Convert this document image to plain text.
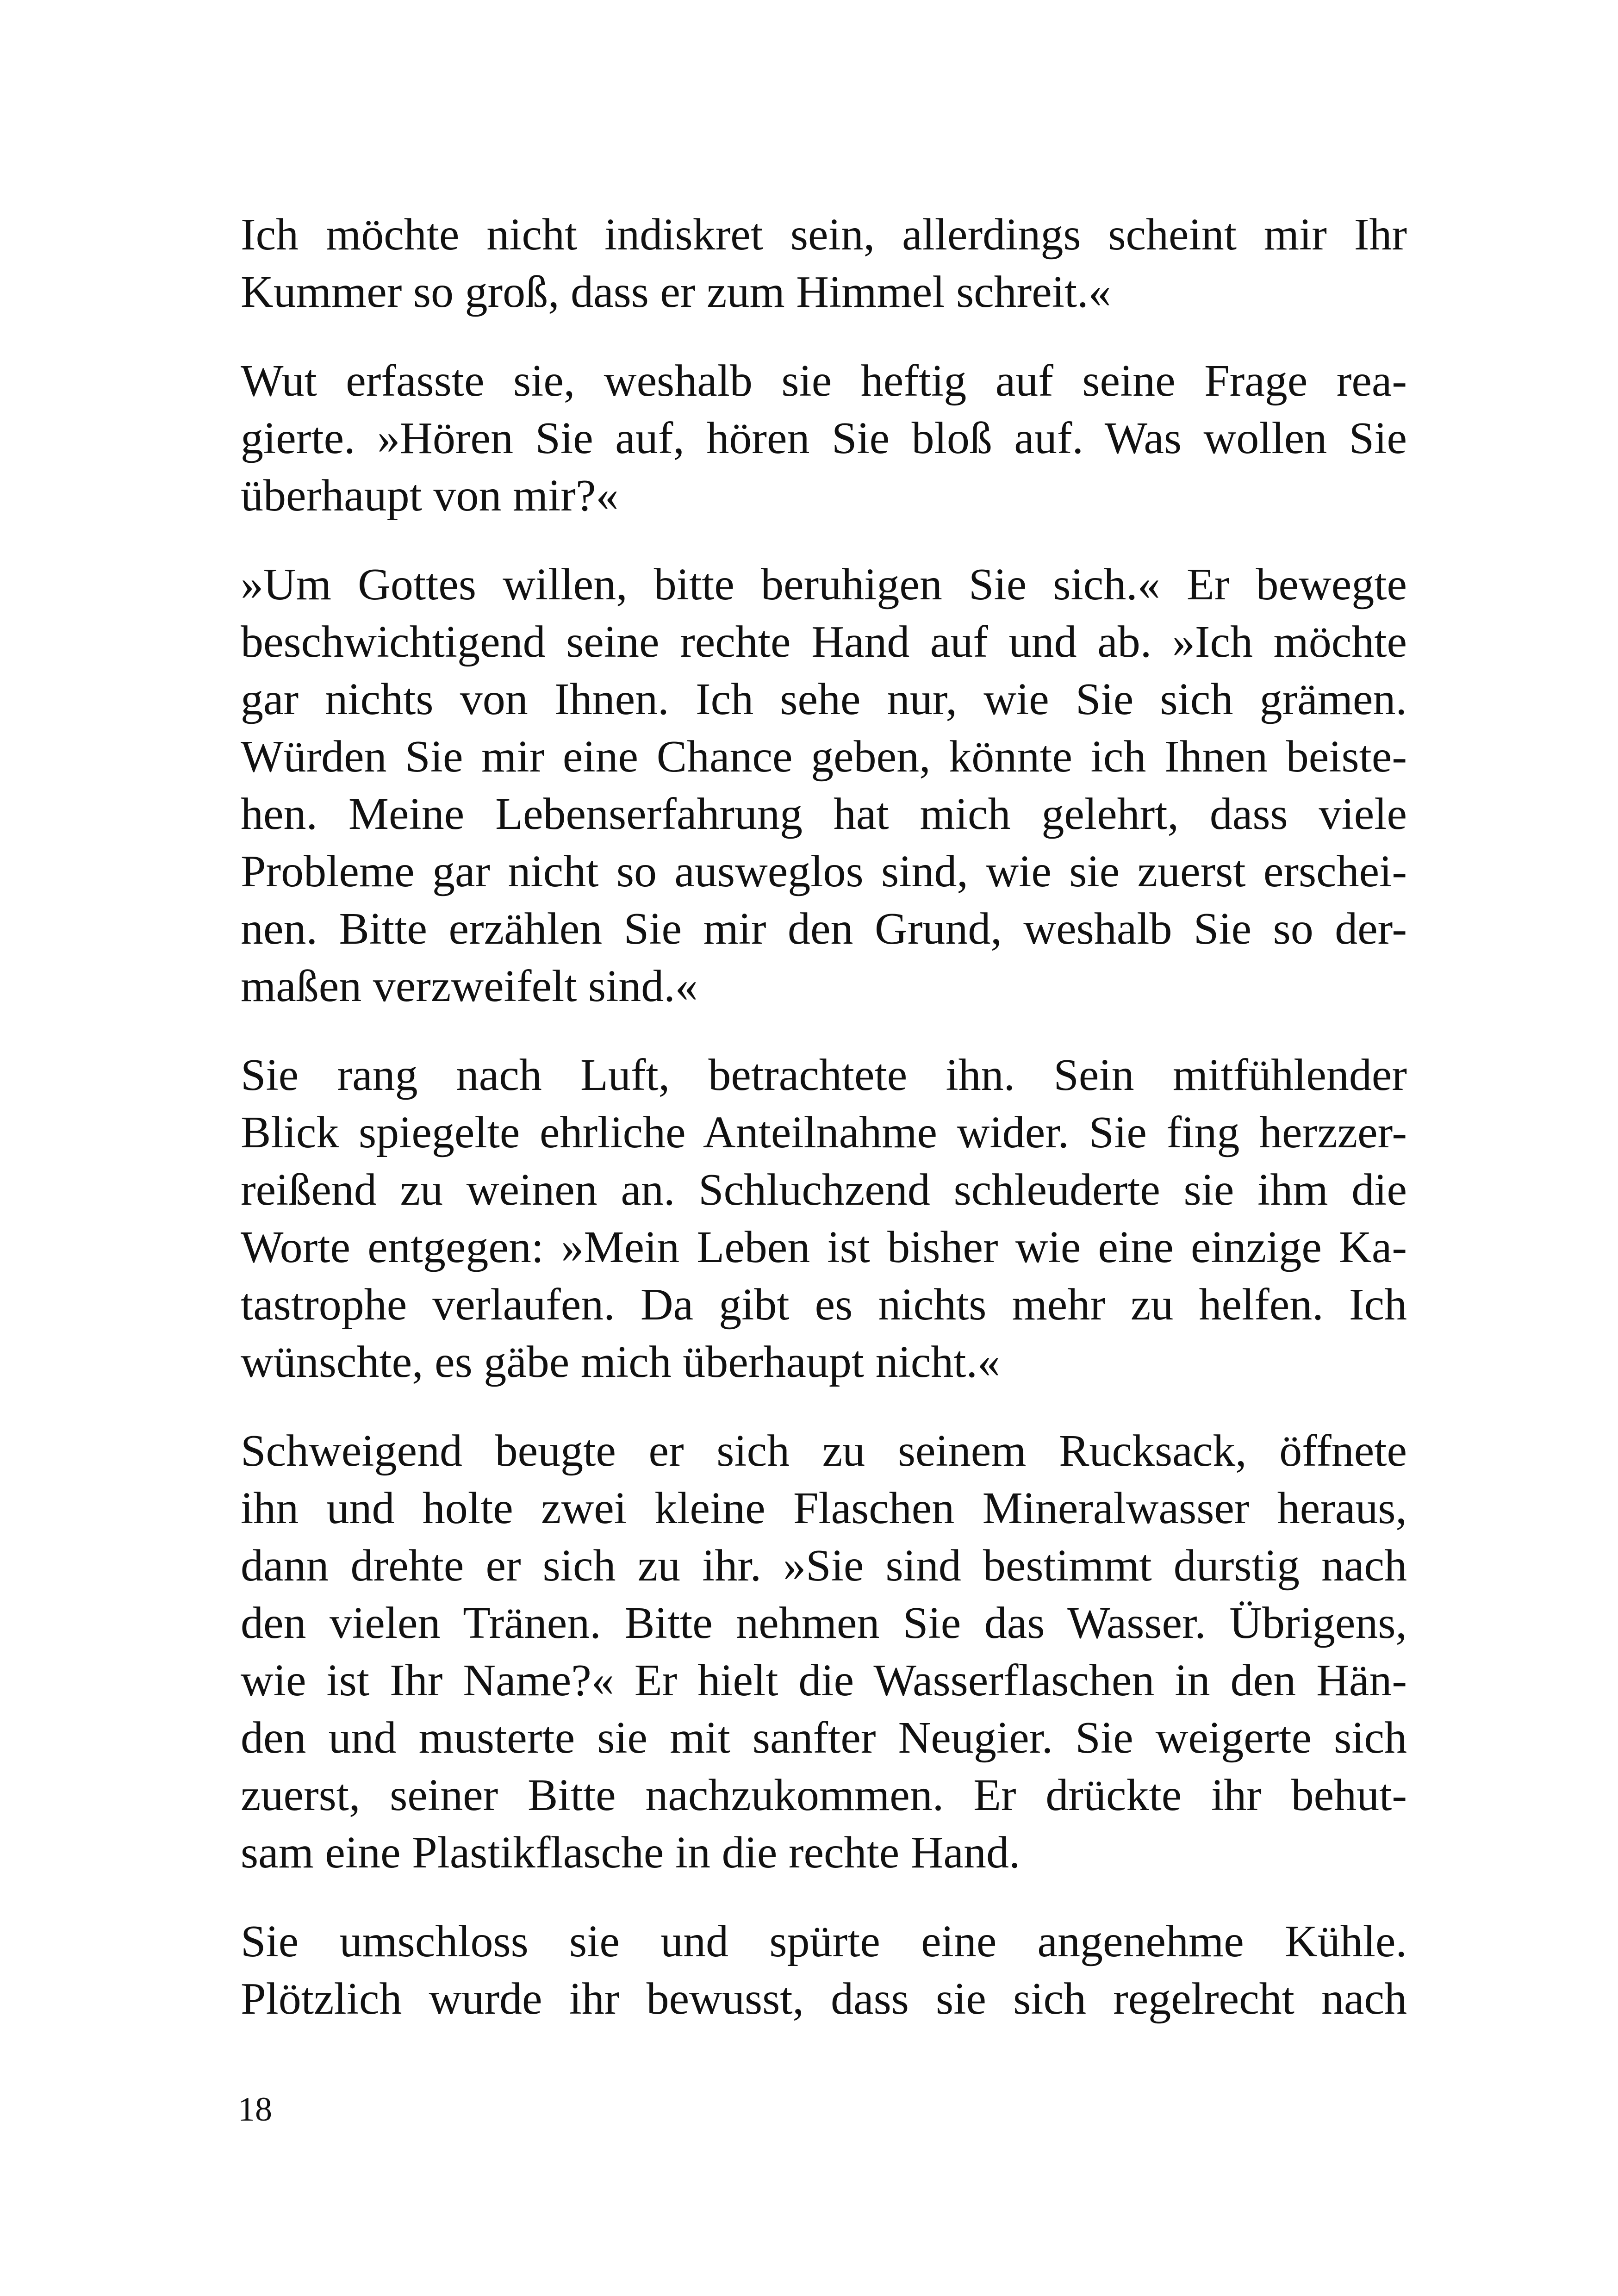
Ich möchte nicht indiskret sein, allerdings scheint mir Ihr
Kummer so groß, dass er zum Himmel schreit.«

Wut erfasste sie, weshalb sie heftig auf seine Frage rea-
gierte. »Hören Sie auf, hören Sie bloß auf. Was wollen Sie
überhaupt von mir?«

»Um Gottes willen, bitte beruhigen Sie sich.« Er bewegte
beschwichtigend seine rechte Hand auf und ab. »Ich möchte
gar nichts von Ihnen. Ich sehe nur, wie Sie sich grämen.
Würden Sie mir eine Chance geben, könnte ich Ihnen beiste-
hen. Meine Lebenserfahrung hat mich gelehrt, dass viele
Probleme gar nicht so ausweglos sind, wie sie zuerst erschei-
nen. Bitte erzählen Sie mir den Grund, weshalb Sie so der-
maßen verzweifelt sind.«

Sie rang nach Luft, betrachtete ihn. Sein mitfühlender
Blick spiegelte ehrliche Anteilnahme wider. Sie fing herzzer-
reißend zu weinen an. Schluchzend schleuderte sie ihm die
Worte entgegen: »Mein Leben ist bisher wie eine einzige Ka-
tastrophe verlaufen. Da gibt es nichts mehr zu helfen. Ich
wünschte, es gäbe mich überhaupt nicht.«

Schweigend beugte er sich zu seinem Rucksack, öffnete
ihn und holte zwei kleine Flaschen Mineralwasser heraus,
dann drehte er sich zu ihr. »Sie sind bestimmt durstig nach
den vielen Tränen. Bitte nehmen Sie das Wasser. Übrigens,
wie ist Ihr Name?« Er hielt die Wasserflaschen in den Hän-
den und musterte sie mit sanfter Neugier. Sie weigerte sich
zuerst, seiner Bitte nachzukommen. Er drückte ihr behut-
sam eine Plastikflasche in die rechte Hand.

Sie umschloss sie und spürte eine angenehme Kühle.
Plötzlich wurde ihr bewusst, dass sie sich regelrecht nach

18
